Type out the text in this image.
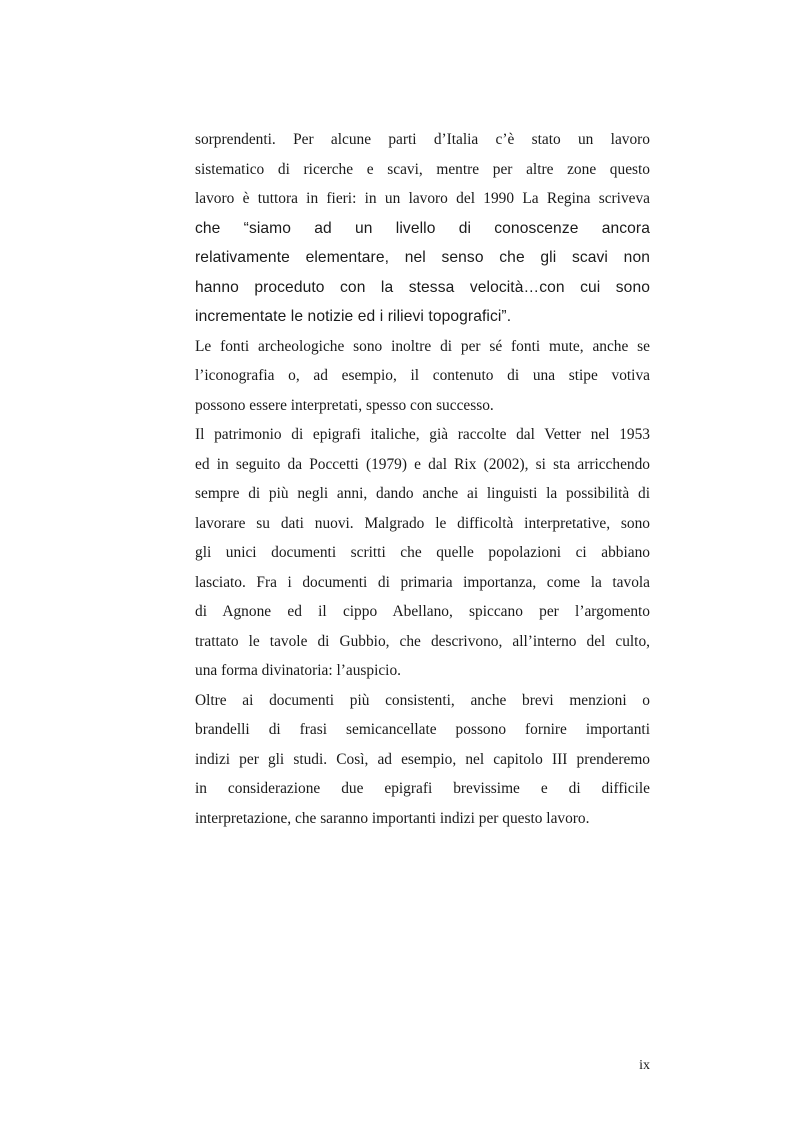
sorprendenti. Per alcune parti d’Italia c’è stato un lavoro
sistematico di ricerche e scavi, mentre per altre zone questo
lavoro è tuttora in fieri: in un lavoro del 1990 La Regina scriveva
che “siamo ad un livello di conoscenze ancora
relativamente elementare, nel senso che gli scavi non
hanno proceduto con la stessa velocità…con cui sono
incrementate le notizie ed i rilievi topografici”.
Le fonti archeologiche sono inoltre di per sé fonti mute, anche se
l’iconografia o, ad esempio, il contenuto di una stipe votiva
possono essere interpretati, spesso con successo.
Il patrimonio di epigrafi italiche, già raccolte dal Vetter nel 1953
ed in seguito da Poccetti (1979) e dal Rix (2002), si sta arricchendo
sempre di più negli anni, dando anche ai linguisti la possibilità di
lavorare su dati nuovi. Malgrado le difficoltà interpretative, sono
gli unici documenti scritti che quelle popolazioni ci abbiano
lasciato. Fra i documenti di primaria importanza, come la tavola
di Agnone ed il cippo Abellano, spiccano per l’argomento
trattato le tavole di Gubbio, che descrivono, all’interno del culto,
una forma divinatoria: l’auspicio.
Oltre ai documenti più consistenti, anche brevi menzioni o
brandelli di frasi semicancellate possono fornire importanti
indizi per gli studi. Così, ad esempio, nel capitolo III prenderemo
in considerazione due epigrafi brevissime e di difficile
interpretazione, che saranno importanti indizi per questo lavoro.
ix
